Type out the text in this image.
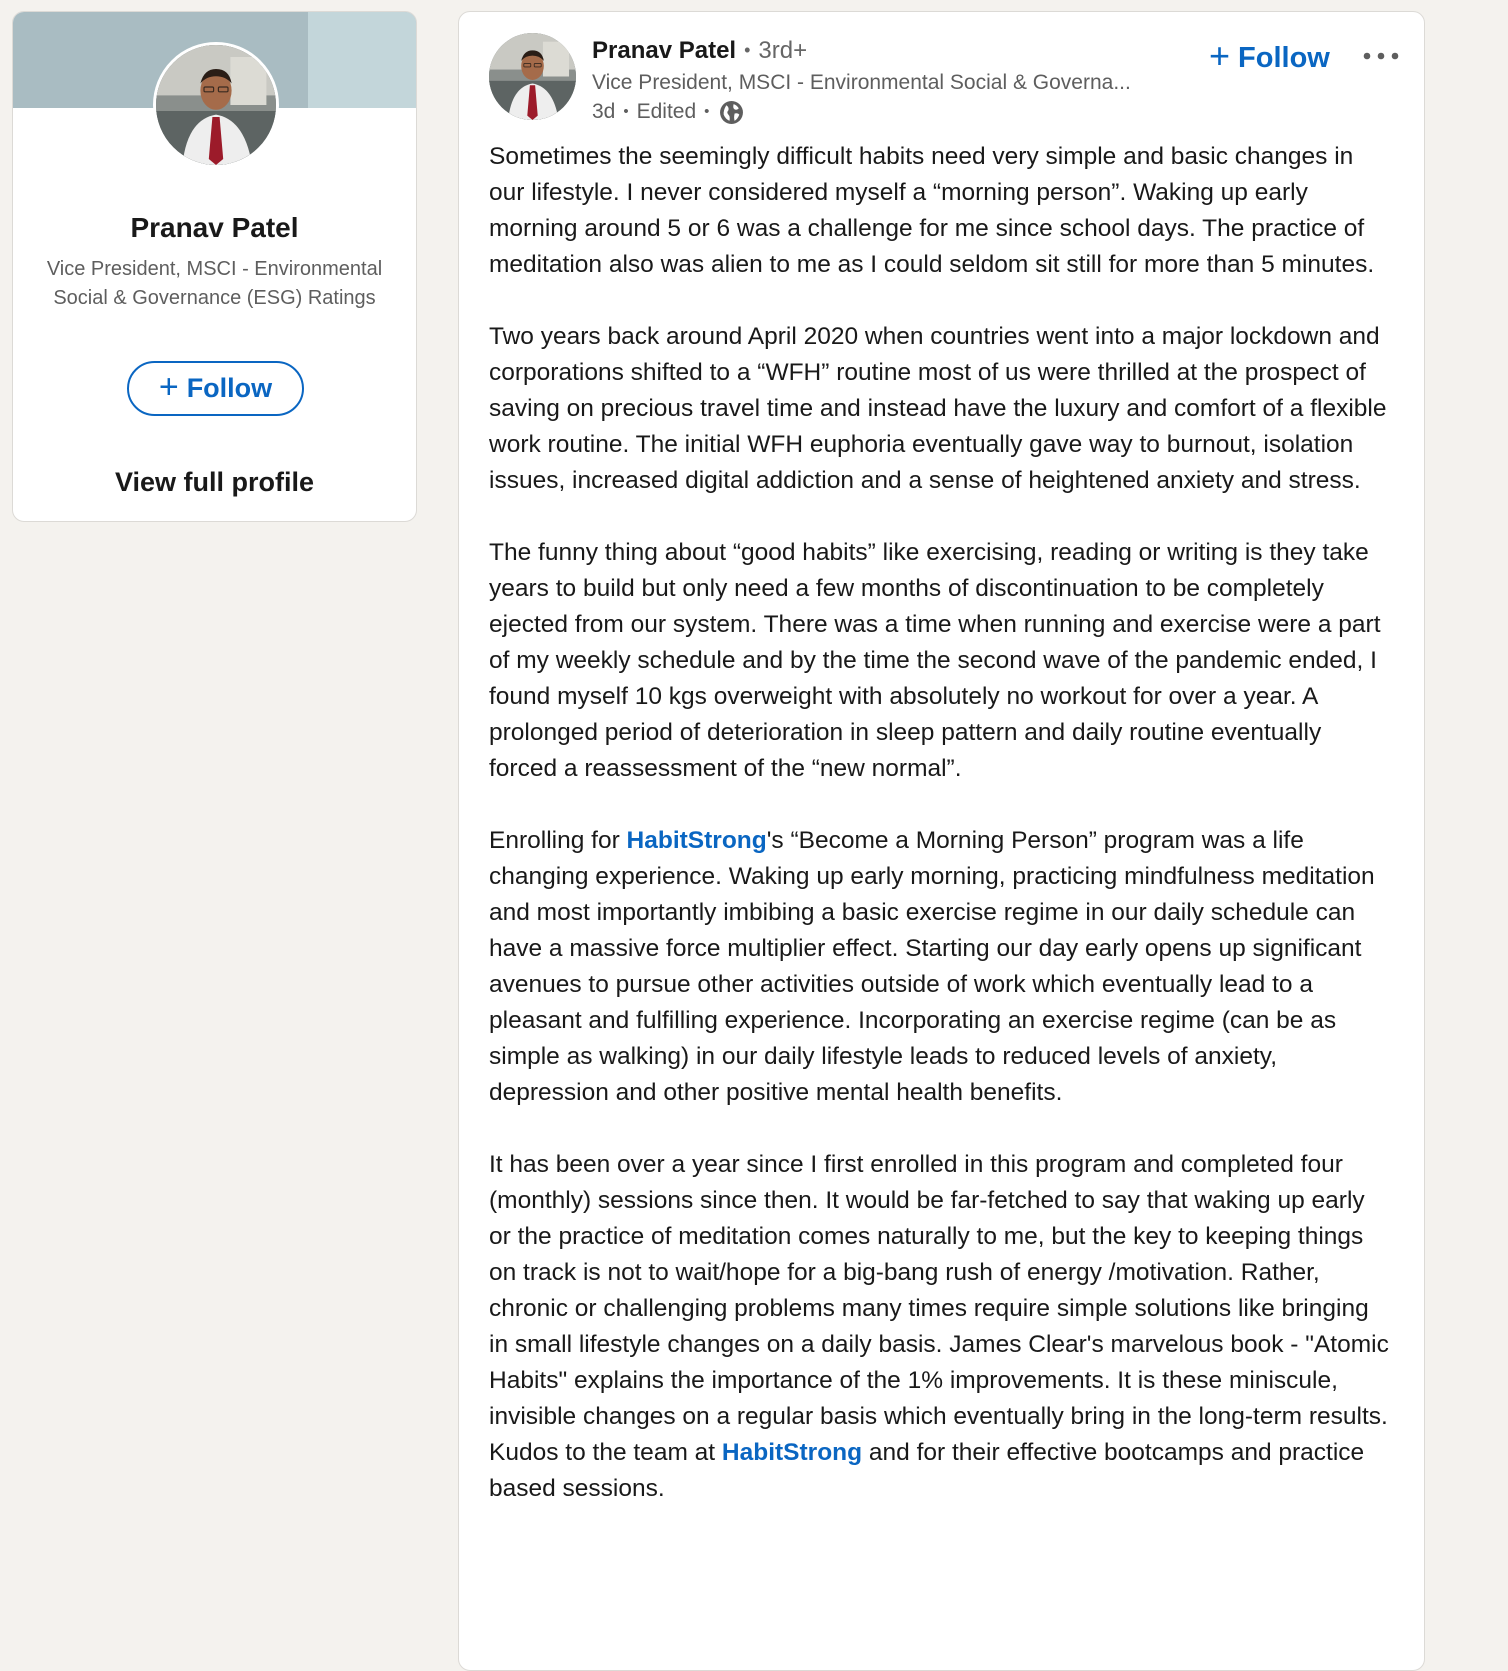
Pranav Patel
Vice President, MSCI - Environmental Social & Governance (ESG) Ratings
+ Follow
View full profile
Pranav Patel • 3rd+
Vice President, MSCI - Environmental Social & Governa...
3d • Edited •
+ Follow

Sometimes the seemingly difficult habits need very simple and basic changes in our lifestyle. I never considered myself a “morning person”. Waking up early morning around 5 or 6 was a challenge for me since school days. The practice of meditation also was alien to me as I could seldom sit still for more than 5 minutes.

Two years back around April 2020 when countries went into a major lockdown and corporations shifted to a “WFH” routine most of us were thrilled at the prospect of saving on precious travel time and instead have the luxury and comfort of a flexible work routine. The initial WFH euphoria eventually gave way to burnout, isolation issues, increased digital addiction and a sense of heightened anxiety and stress.

The funny thing about “good habits” like exercising, reading or writing is they take years to build but only need a few months of discontinuation to be completely ejected from our system. There was a time when running and exercise were a part of my weekly schedule and by the time the second wave of the pandemic ended, I found myself 10 kgs overweight with absolutely no workout for over a year. A prolonged period of deterioration in sleep pattern and daily routine eventually forced a reassessment of the “new normal”.

Enrolling for HabitStrong's “Become a Morning Person” program was a life changing experience. Waking up early morning, practicing mindfulness meditation and most importantly imbibing a basic exercise regime in our daily schedule can have a massive force multiplier effect. Starting our day early opens up significant avenues to pursue other activities outside of work which eventually lead to a pleasant and fulfilling experience. Incorporating an exercise regime (can be as simple as walking) in our daily lifestyle leads to reduced levels of anxiety, depression and other positive mental health benefits.

It has been over a year since I first enrolled in this program and completed four (monthly) sessions since then. It would be far-fetched to say that waking up early or the practice of meditation comes naturally to me, but the key to keeping things on track is not to wait/hope for a big-bang rush of energy /motivation. Rather, chronic or challenging problems many times require simple solutions like bringing in small lifestyle changes on a daily basis. James Clear's marvelous book - "Atomic Habits" explains the importance of the 1% improvements. It is these miniscule, invisible changes on a regular basis which eventually bring in the long-term results. Kudos to the team at HabitStrong and for their effective bootcamps and practice based sessions.
